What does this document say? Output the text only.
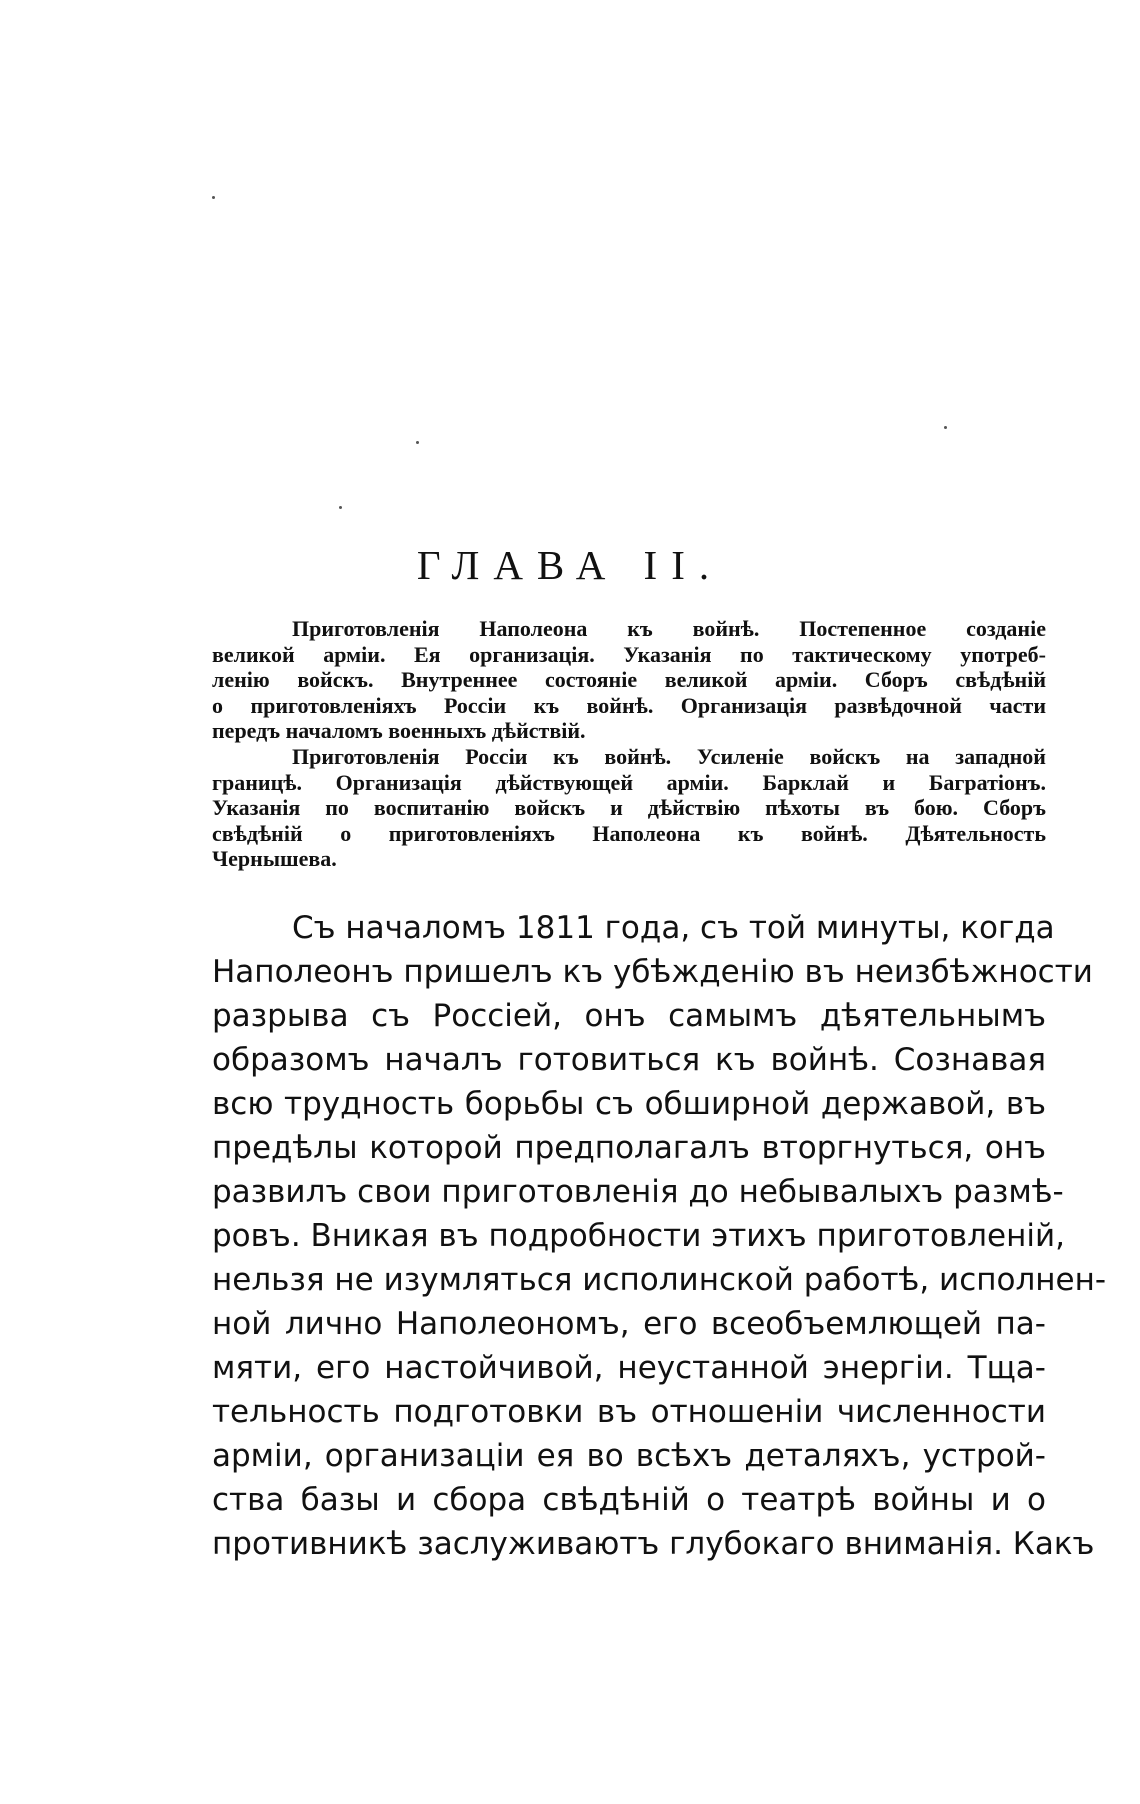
ГЛАВА II.
Приготовленія Наполеона къ войнѣ. Постепенное созданіе
великой арміи. Ея организація. Указанія по тактическому употреб-
ленію войскъ. Внутреннее состояніе великой арміи. Сборъ свѣдѣній
о приготовленіяхъ Россіи къ войнѣ. Организація развѣдочной части
передъ началомъ военныхъ дѣйствій.
Приготовленія Россіи къ войнѣ. Усиленіе войскъ на западной
границѣ. Организація дѣйствующей арміи. Барклай и Багратіонъ.
Указанія по воспитанію войскъ и дѣйствію пѣхоты въ бою. Сборъ
свѣдѣній о приготовленіяхъ Наполеона къ войнѣ. Дѣятельность
Чернышева.
Съ началомъ 1811 года, съ той минуты, когда
Наполеонъ пришелъ къ убѣжденію въ неизбѣжности
разрыва съ Россіей, онъ самымъ дѣятельнымъ
образомъ началъ готовиться къ войнѣ. Сознавая
всю трудность борьбы съ обширной державой, въ
предѣлы которой предполагалъ вторгнуться, онъ
развилъ свои приготовленія до небывалыхъ размѣ-
ровъ. Вникая въ подробности этихъ приготовленій,
нельзя не изумляться исполинской работѣ, исполнен-
ной лично Наполеономъ, его всеобъемлющей па-
мяти, его настойчивой, неустанной энергіи. Тща-
тельность подготовки въ отношеніи численности
арміи, организаціи ея во всѣхъ деталяхъ, устрой-
ства базы и сбора свѣдѣній о театрѣ войны и о
противникѣ заслуживаютъ глубокаго вниманія. Какъ
